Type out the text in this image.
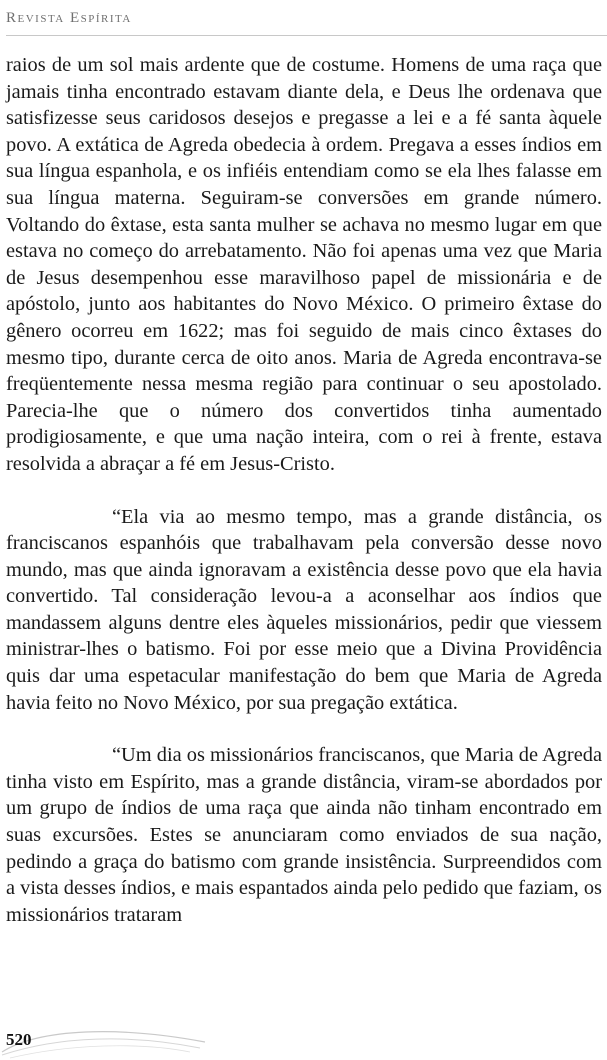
Revista Espírita

raios de um sol mais ardente que de costume. Homens de uma raça que jamais tinha encontrado estavam diante dela, e Deus lhe ordenava que satisfizesse seus caridosos desejos e pregasse a lei e a fé santa àquele povo. A extática de Agreda obedecia à ordem. Pregava a esses índios em sua língua espanhola, e os infiéis entendiam como se ela lhes falasse em sua língua materna. Seguiram-se conversões em grande número. Voltando do êxtase, esta santa mulher se achava no mesmo lugar em que estava no começo do arrebatamento. Não foi apenas uma vez que Maria de Jesus desempenhou esse maravilhoso papel de missionária e de apóstolo, junto aos habitantes do Novo México. O primeiro êxtase do gênero ocorreu em 1622; mas foi seguido de mais cinco êxtases do mesmo tipo, durante cerca de oito anos. Maria de Agreda encontrava-se freqüentemente nessa mesma região para continuar o seu apostolado. Parecia-lhe que o número dos convertidos tinha aumentado prodigiosamente, e que uma nação inteira, com o rei à frente, estava resolvida a abraçar a fé em Jesus-Cristo.

“Ela via ao mesmo tempo, mas a grande distância, os franciscanos espanhóis que trabalhavam pela conversão desse novo mundo, mas que ainda ignoravam a existência desse povo que ela havia convertido. Tal consideração levou-a a aconselhar aos índios que mandassem alguns dentre eles àqueles missionários, pedir que viessem ministrar-lhes o batismo. Foi por esse meio que a Divina Providência quis dar uma espetacular manifestação do bem que Maria de Agreda havia feito no Novo México, por sua pregação extática.

“Um dia os missionários franciscanos, que Maria de Agreda tinha visto em Espírito, mas a grande distância, viram-se abordados por um grupo de índios de uma raça que ainda não tinham encontrado em suas excursões. Estes se anunciaram como enviados de sua nação, pedindo a graça do batismo com grande insistência. Surpreendidos com a vista desses índios, e mais espantados ainda pelo pedido que faziam, os missionários trataram

520
